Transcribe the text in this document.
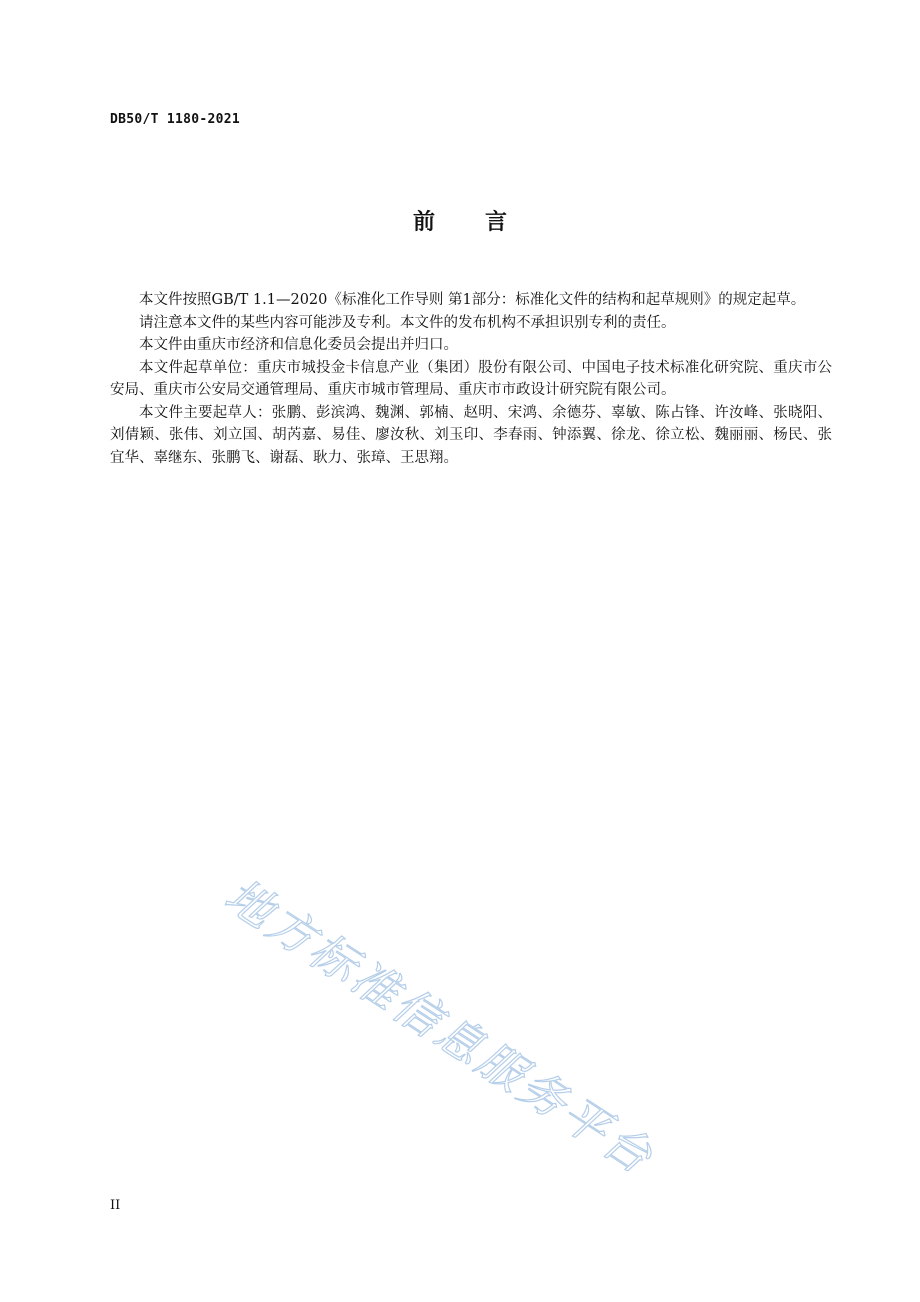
DB50/T 1180-2021
前言

本文件按照GB/T 1.1—2020《标准化工作导则 第1部分：标准化文件的结构和起草规则》的规定起草。

请注意本文件的某些内容可能涉及专利。本文件的发布机构不承担识别专利的责任。

本文件由重庆市经济和信息化委员会提出并归口。

本文件起草单位：重庆市城投金卡信息产业（集团）股份有限公司、中国电子技术标准化研究院、重庆市公安局、重庆市公安局交通管理局、重庆市城市管理局、重庆市市政设计研究院有限公司。

本文件主要起草人：张鹏、彭滨鸿、魏渊、郭楠、赵明、宋鸿、余德芬、辜敏、陈占锋、许汝峰、张晓阳、刘倩颖、张伟、刘立国、胡芮嘉、易佳、廖汝秋、刘玉印、李春雨、钟添翼、徐龙、徐立松、魏丽丽、杨民、张宜华、辜继东、张鹏飞、谢磊、耿力、张璋、王思翔。

地方标准信息服务平台
II
